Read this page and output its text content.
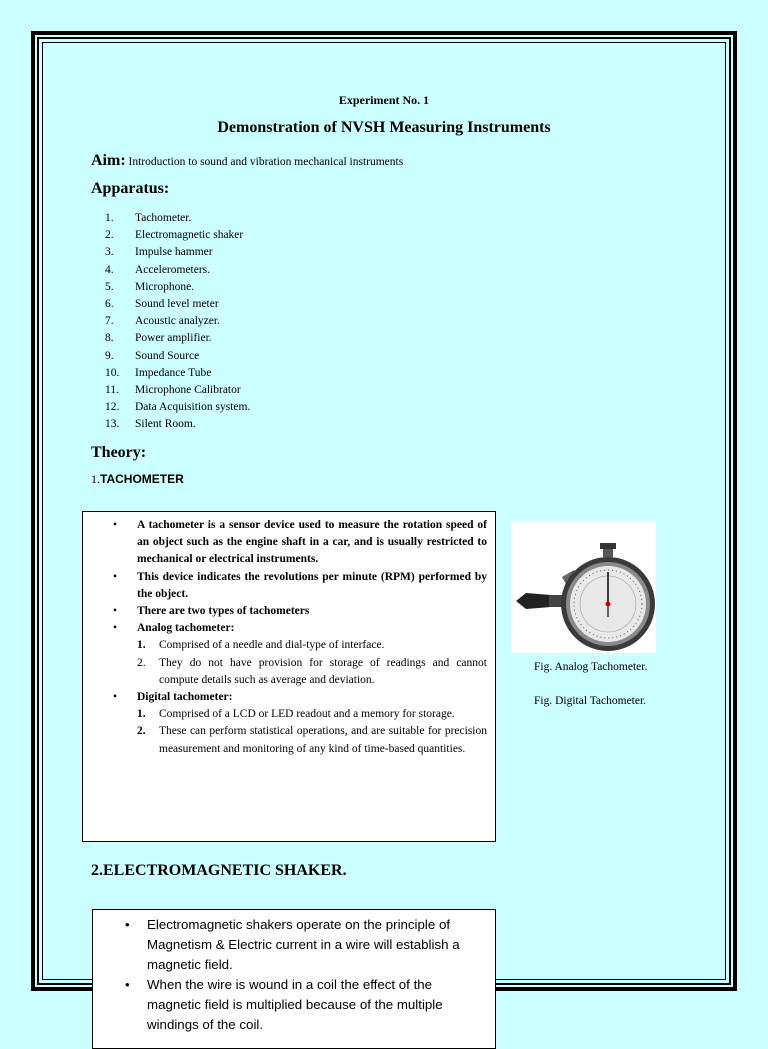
Experiment No. 1
Demonstration of NVSH Measuring Instruments
Aim: Introduction to sound and vibration mechanical instruments
Apparatus:
1. Tachometer.
2. Electromagnetic shaker
3. Impulse hammer
4. Accelerometers.
5. Microphone.
6. Sound level meter
7. Acoustic analyzer.
8. Power amplifier.
9. Sound Source
10. Impedance Tube
11. Microphone Calibrator
12. Data Acquisition system.
13. Silent Room.
Theory:
1.TACHOMETER
• A tachometer is a sensor device used to measure the rotation speed of an object such as the engine shaft in a car, and is usually restricted to mechanical or electrical instruments.
• This device indicates the revolutions per minute (RPM) performed by the object.
• There are two types of tachometers
• Analog tachometer:
1. Comprised of a needle and dial-type of interface.
2. They do not have provision for storage of readings and cannot compute details such as average and deviation.
• Digital tachometer:
1. Comprised of a LCD or LED readout and a memory for storage.
2. These can perform statistical operations, and are suitable for precision measurement and monitoring of any kind of time-based quantities.
Fig. Analog Tachometer.
Fig. Digital Tachometer.
2.ELECTROMAGNETIC SHAKER.
• Electromagnetic shakers operate on the principle of Magnetism & Electric current in a wire will establish a magnetic field.
• When the wire is wound in a coil the effect of the magnetic field is multiplied because of the multiple windings of the coil.
